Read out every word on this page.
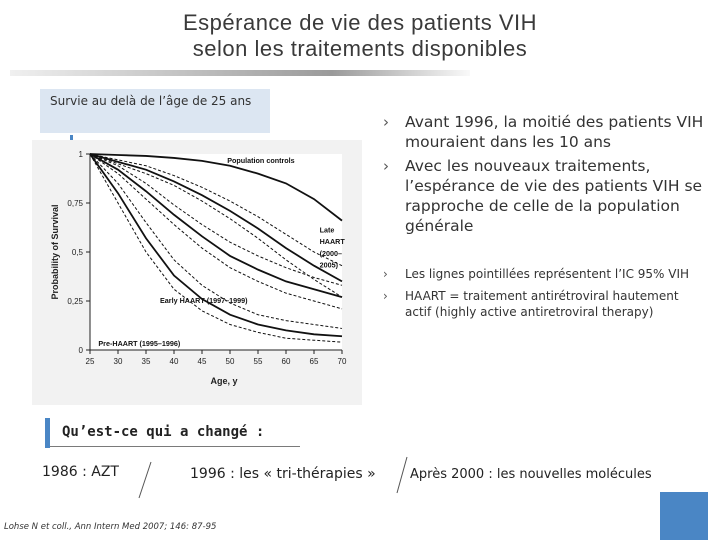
Espérance de vie des patients VIH
selon les traitements disponibles
Survie au delà de l’âge de 25 ans
0
0,25
0,5
0,75
1
25 30 35 40 45 50 55 60 65 70
Population controls
Late
HAART
(2000–
2005)
Early HAART (1997–1999)
Pre-HAART (1995–1996)
Age, y
Probability of Survival
› Avant 1996, la moitié des patients VIH mouraient dans les 10 ans
› Avec les nouveaux traitements, l’espérance de vie des patients VIH se rapproche de celle de la population générale
› Les lignes pointillées représentent l’IC 95% VIH
› HAART = traitement antirétroviral hautement actif (highly active antiretroviral therapy)
Qu’est-ce qui a changé :
1986 : AZT	1996 : les « tri-thérapies »	Après 2000 : les nouvelles molécules
Lohse N et coll., Ann Intern Med 2007; 146: 87-95
